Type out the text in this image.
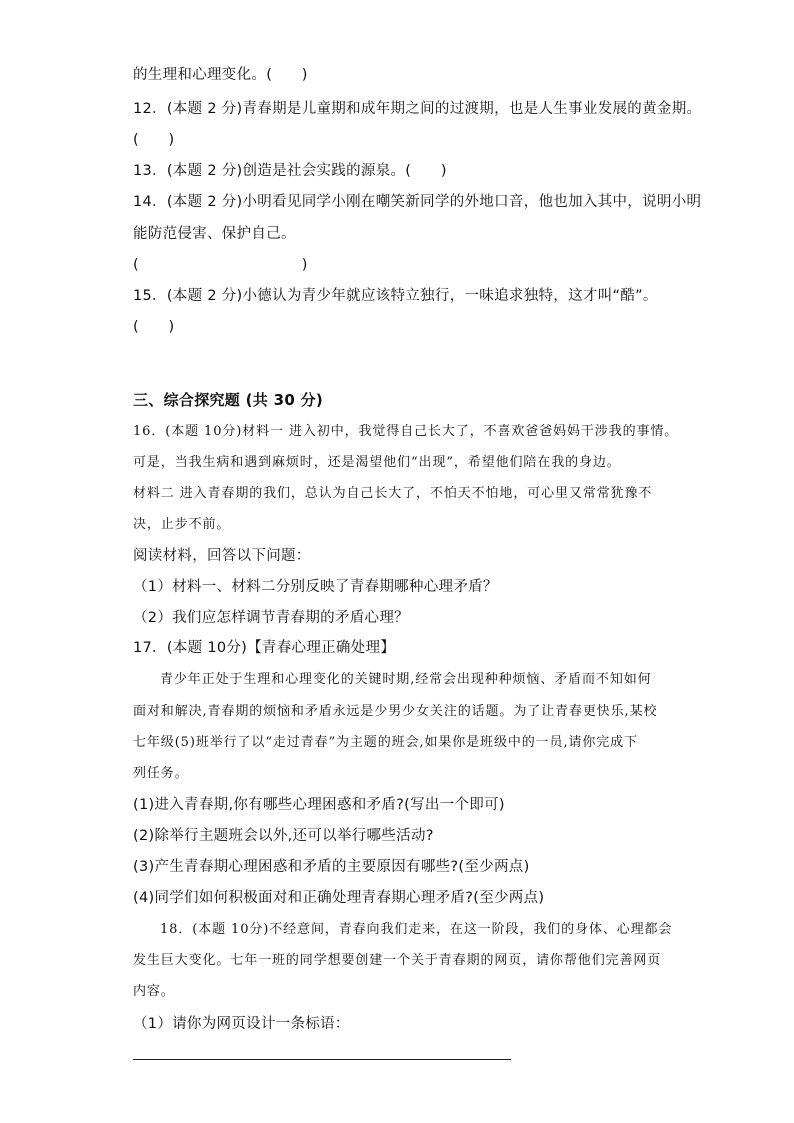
的生理和心理变化。(　　)
12．(本题 2 分)青春期是儿童期和成年期之间的过渡期，也是人生事业发展的黄金期。
(　　)
13．(本题 2 分)创造是社会实践的源泉。(　　)
14．(本题 2 分)小明看见同学小刚在嘲笑新同学的外地口音，他也加入其中，说明小明
能防范侵害、保护自己。
(　　　　　　　　　　　)
15．(本题 2 分)小德认为青少年就应该特立独行，一味追求独特，这才叫“酷”。
(　　)
三、综合探究题 (共 30 分)
16．(本题 10分)材料一 进入初中，我觉得自己长大了，不喜欢爸爸妈妈干涉我的事情。
可是，当我生病和遇到麻烦时，还是渴望他们“出现”，希望他们陪在我的身边。
材料二 进入青春期的我们，总认为自己长大了，不怕天不怕地，可心里又常常犹豫不
决，止步不前。
阅读材料，回答以下问题：
（1）材料一、材料二分别反映了青春期哪种心理矛盾？
（2）我们应怎样调节青春期的矛盾心理？
17．(本题 10分)【青春心理正确处理】
青少年正处于生理和心理变化的关键时期,经常会出现种种烦恼、矛盾而不知如何
面对和解决,青春期的烦恼和矛盾永远是少男少女关注的话题。为了让青春更快乐,某校
七年级(5)班举行了以“走过青春”为主题的班会,如果你是班级中的一员,请你完成下
列任务。
(1)进入青春期,你有哪些心理困惑和矛盾?(写出一个即可)
(2)除举行主题班会以外,还可以举行哪些活动?
(3)产生青春期心理困惑和矛盾的主要原因有哪些?(至少两点)
(4)同学们如何积极面对和正确处理青春期心理矛盾?(至少两点)
18．(本题 10分)不经意间，青春向我们走来，在这一阶段，我们的身体、心理都会
发生巨大变化。七年一班的同学想要创建一个关于青春期的网页，请你帮他们完善网页
内容。
（1）请你为网页设计一条标语：
